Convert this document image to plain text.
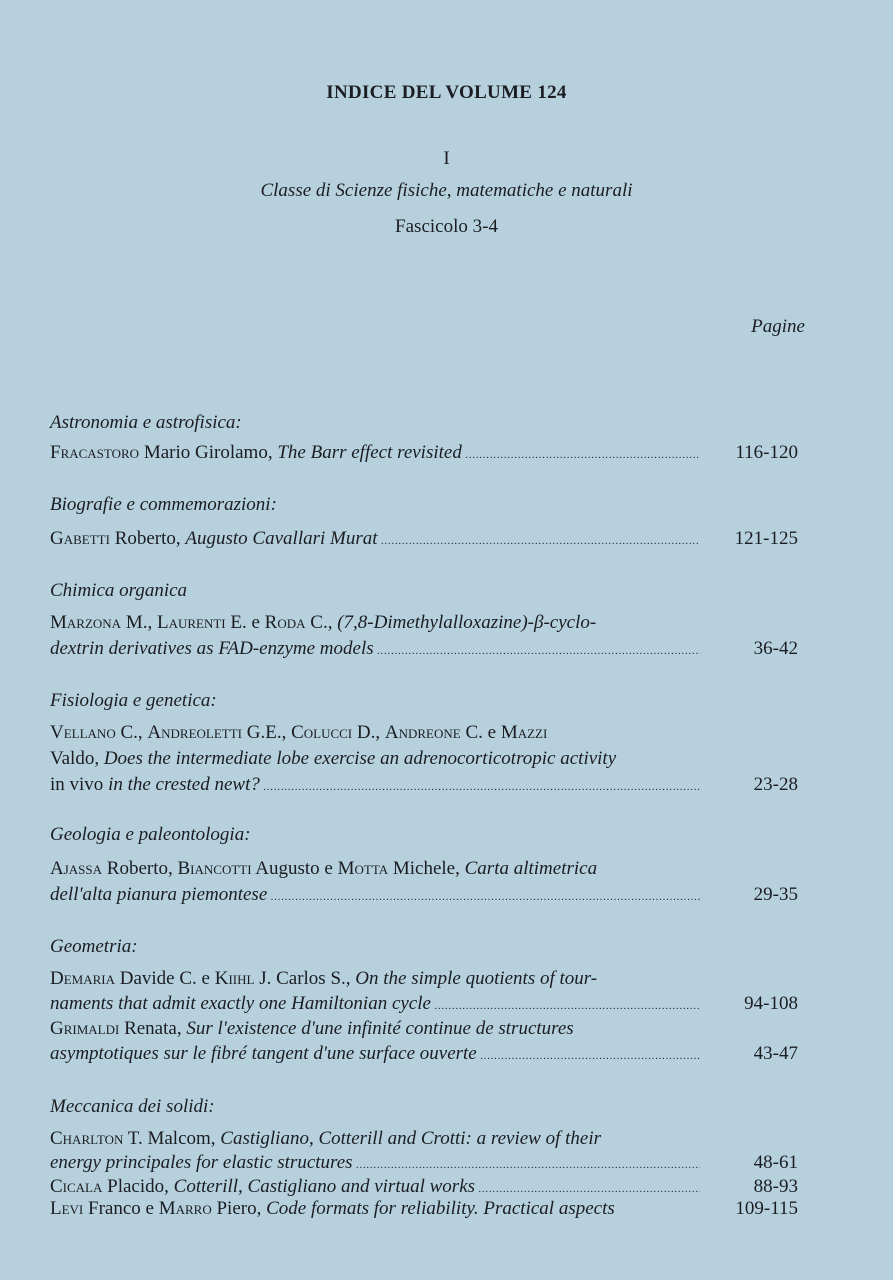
INDICE DEL VOLUME 124
I
Classe di Scienze fisiche, matematiche e naturali
Fascicolo 3-4
Pagine
Astronomia e astrofisica:
Fracastoro Mario Girolamo, The Barr effect revisited .....	116-120
Biografie e commemorazioni:
Gabetti Roberto, Augusto Cavallari Murat .....	121-125
Chimica organica
Marzona M., Laurenti E. e Roda C., (7,8-Dimethylalloxazine)-β-cyclo-
dextrin derivatives as FAD-enzyme models .....	36-42
Fisiologia e genetica:
Vellano C., Andreoletti G.E., Colucci D., Andreone C. e Mazzi
Valdo, Does the intermediate lobe exercise an adrenocorticotropic activity
in vivo in the crested newt? .....	23-28
Geologia e paleontologia:
Ajassa Roberto, Biancotti Augusto e Motta Michele, Carta altimetrica
dell'alta pianura piemontese .....	29-35
Geometria:
Demaria Davide C. e Kiihl J. Carlos S., On the simple quotients of tour-
naments that admit exactly one Hamiltonian cycle .....	94-108
Grimaldi Renata, Sur l'existence d'une infinité continue de structures
asymptotiques sur le fibré tangent d'une surface ouverte .....	43-47
Meccanica dei solidi:
Charlton T. Malcom, Castigliano, Cotterill and Crotti: a review of their
energy principales for elastic structures .....	48-61
Cicala Placido, Cotterill, Castigliano and virtual works .....	88-93
Levi Franco e Marro Piero, Code formats for reliability. Practical aspects	109-115
